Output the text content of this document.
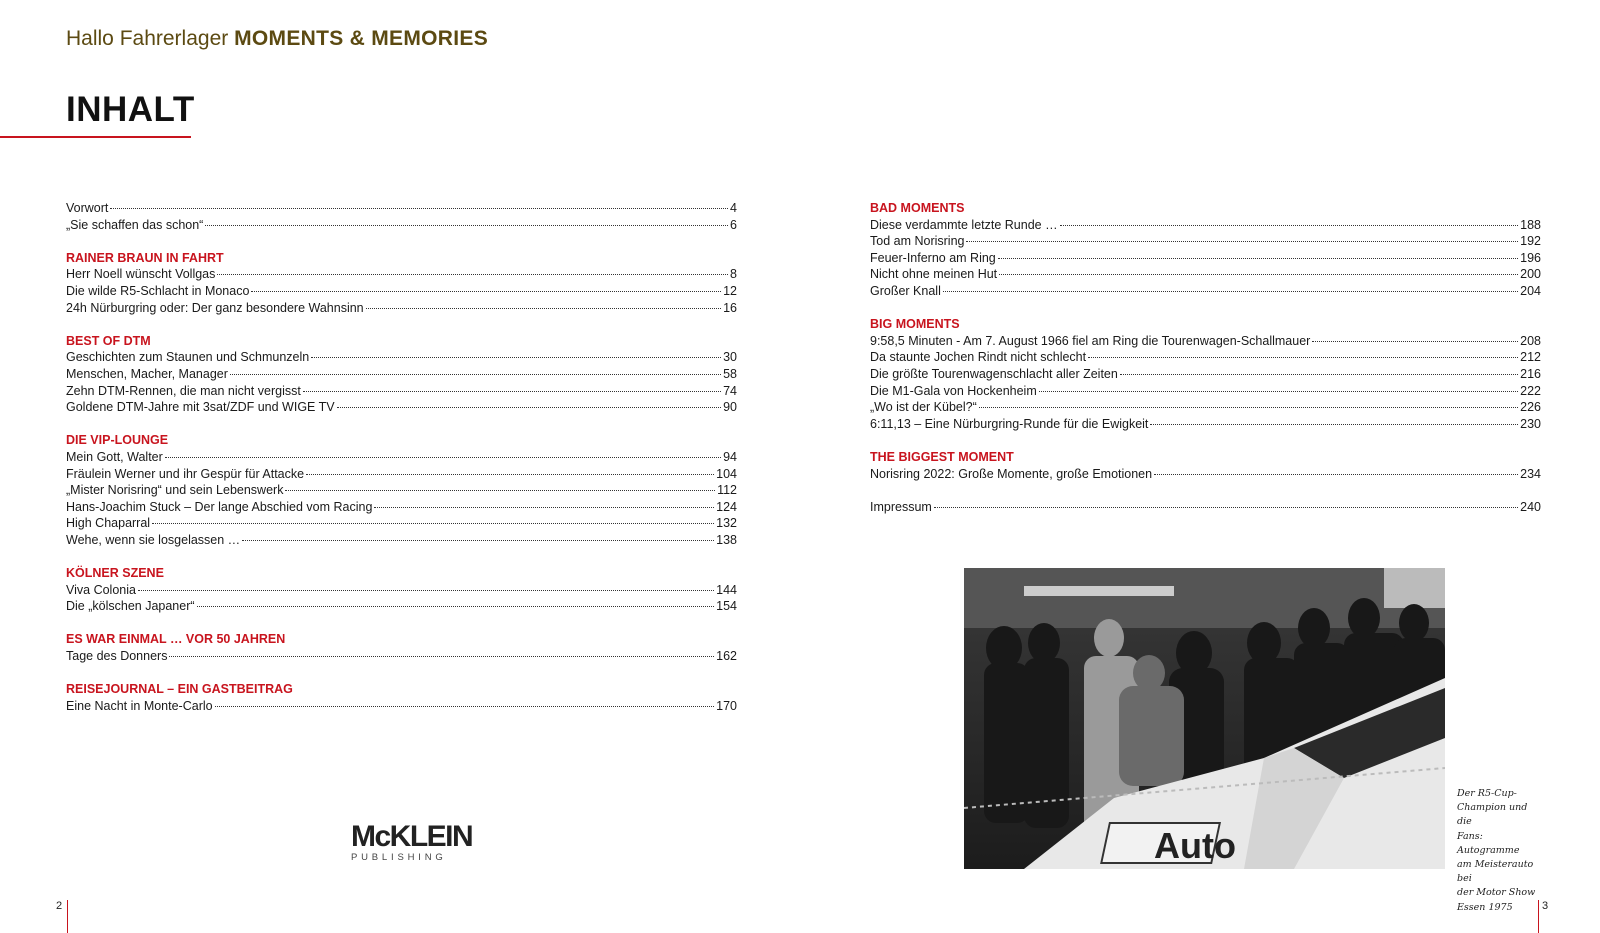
Hallo Fahrerlager MOMENTS & MEMORIES
INHALT
Vorwort	4
„Sie schaffen das schon“	6
RAINER BRAUN IN FAHRT
Herr Noell wünscht Vollgas	8
Die wilde R5-Schlacht in Monaco	12
24h Nürburgring oder: Der ganz besondere Wahnsinn	16
BEST OF DTM
Geschichten zum Staunen und Schmunzeln	30
Menschen, Macher, Manager	58
Zehn DTM-Rennen, die man nicht vergisst	74
Goldene DTM-Jahre mit 3sat/ZDF und WIGE TV	90
DIE VIP-LOUNGE
Mein Gott, Walter	94
Fräulein Werner und ihr Gespür für Attacke	104
„Mister Norisring“ und sein Lebenswerk	112
Hans-Joachim Stuck – Der lange Abschied vom Racing	124
High Chaparral	132
Wehe, wenn sie losgelassen …	138
KÖLNER SZENE
Viva Colonia	144
Die „kölschen Japaner“	154
ES WAR EINMAL … VOR 50 JAHREN
Tage des Donners	162
REISEJOURNAL – EIN GASTBEITRAG
Eine Nacht in Monte-Carlo	170
BAD MOMENTS
Diese verdammte letzte Runde …	188
Tod am Norisring	192
Feuer-Inferno am Ring	196
Nicht ohne meinen Hut	200
Großer Knall	204
BIG MOMENTS
9:58,5 Minuten - Am 7. August 1966 fiel am Ring die Tourenwagen-Schallmauer	208
Da staunte Jochen Rindt nicht schlecht	212
Die größte Tourenwagenschlacht aller Zeiten	216
Die M1-Gala von Hockenheim	222
„Wo ist der Kübel?“	226
6:11,13 – Eine Nürburgring-Runde für die Ewigkeit	230
THE BIGGEST MOMENT
Norisring 2022: Große Momente, große Emotionen	234
Impressum	240
Auto
Der R5-Cup-
Champion und die
Fans: Autogramme
am Meisterauto bei
der Motor Show
Essen 1975
McKLEIN
PUBLISHING
2	3
